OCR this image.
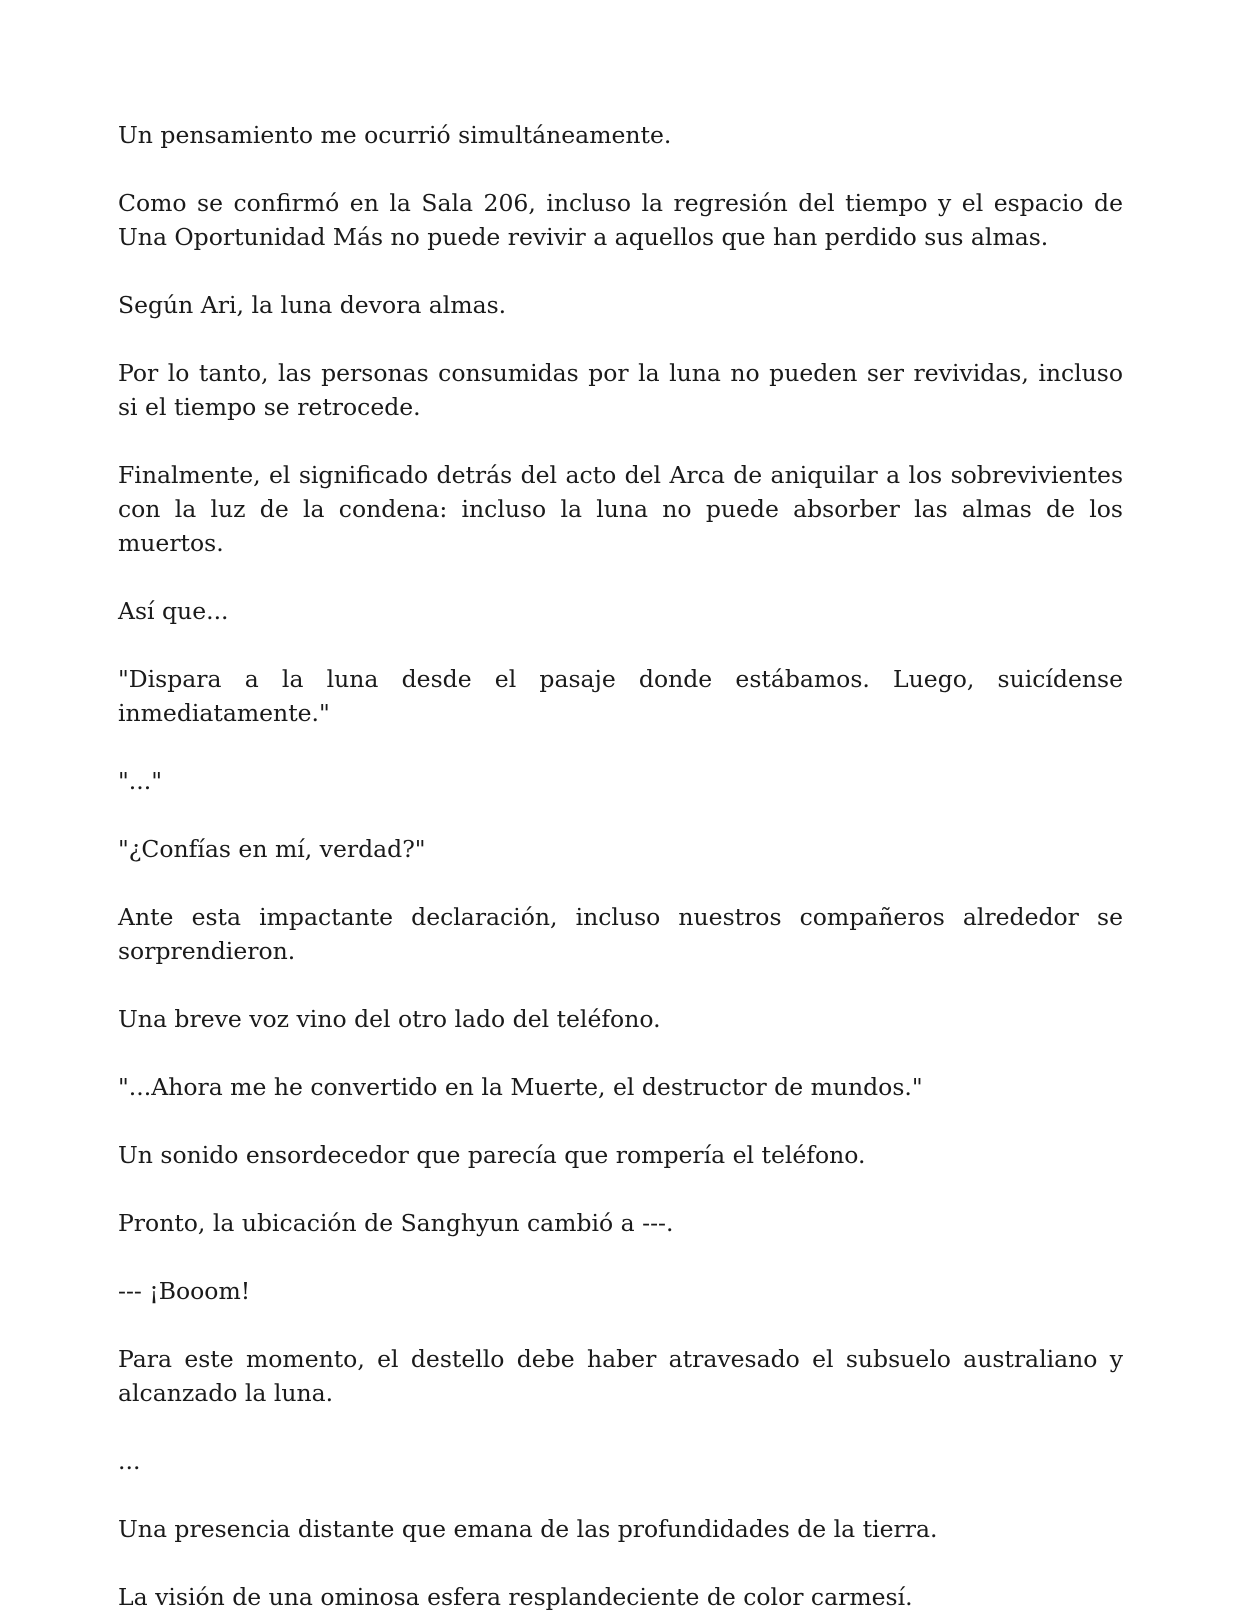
Un pensamiento me ocurrió simultáneamente.

Como se confirmó en la Sala 206, incluso la regresión del tiempo y el espacio de Una Oportunidad Más no puede revivir a aquellos que han perdido sus almas.

Según Ari, la luna devora almas.

Por lo tanto, las personas consumidas por la luna no pueden ser revividas, incluso si el tiempo se retrocede.

Finalmente, el significado detrás del acto del Arca de aniquilar a los sobrevivientes con la luz de la condena: incluso la luna no puede absorber las almas de los muertos.

Así que...

"Dispara a la luna desde el pasaje donde estábamos. Luego, suicídense inmediatamente."

"..."

"¿Confías en mí, verdad?"

Ante esta impactante declaración, incluso nuestros compañeros alrededor se sorprendieron.

Una breve voz vino del otro lado del teléfono.

"...Ahora me he convertido en la Muerte, el destructor de mundos."

Un sonido ensordecedor que parecía que rompería el teléfono.

Pronto, la ubicación de Sanghyun cambió a ---.

--- ¡Booom!

Para este momento, el destello debe haber atravesado el subsuelo australiano y alcanzado la luna.

...

Una presencia distante que emana de las profundidades de la tierra.

La visión de una ominosa esfera resplandeciente de color carmesí.
